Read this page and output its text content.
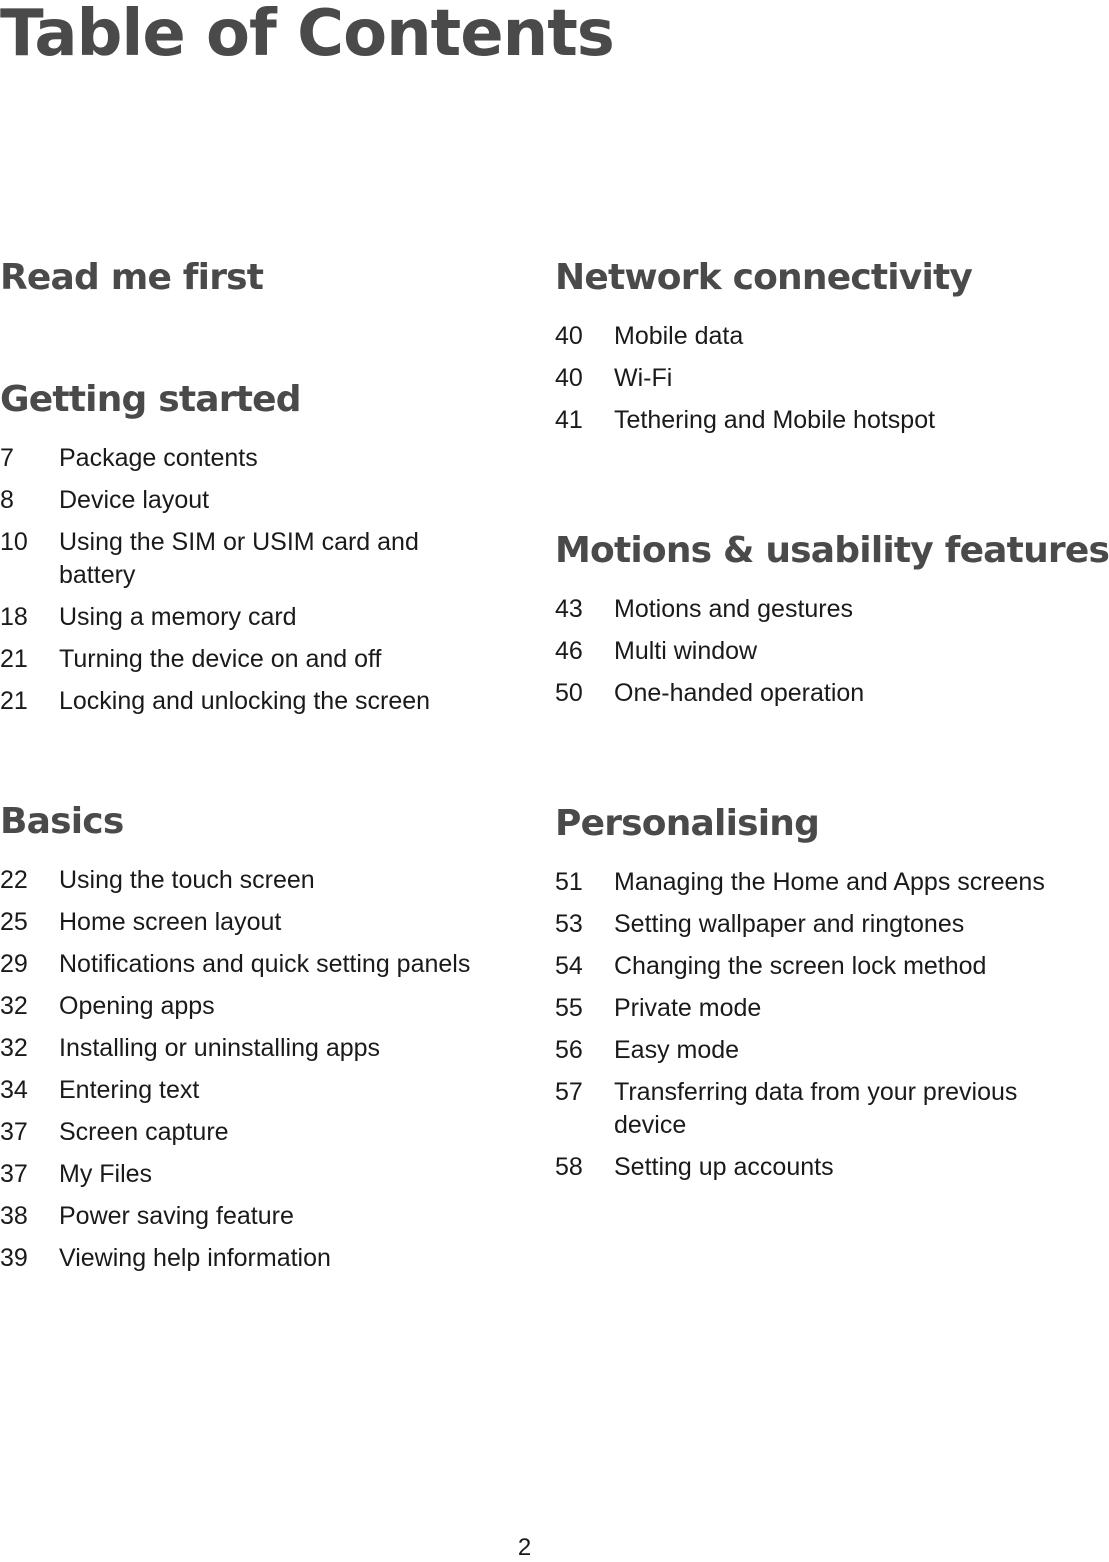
Table of Contents
Read me first
Getting started
7	Package contents
8	Device layout
10	Using the SIM or USIM card and battery
18	Using a memory card
21	Turning the device on and off
21	Locking and unlocking the screen
Basics
22	Using the touch screen
25	Home screen layout
29	Notifications and quick setting panels
32	Opening apps
32	Installing or uninstalling apps
34	Entering text
37	Screen capture
37	My Files
38	Power saving feature
39	Viewing help information
Network connectivity
40	Mobile data
40	Wi-Fi
41	Tethering and Mobile hotspot
Motions & usability features
43	Motions and gestures
46	Multi window
50	One-handed operation
Personalising
51	Managing the Home and Apps screens
53	Setting wallpaper and ringtones
54	Changing the screen lock method
55	Private mode
56	Easy mode
57	Transferring data from your previous device
58	Setting up accounts
2
